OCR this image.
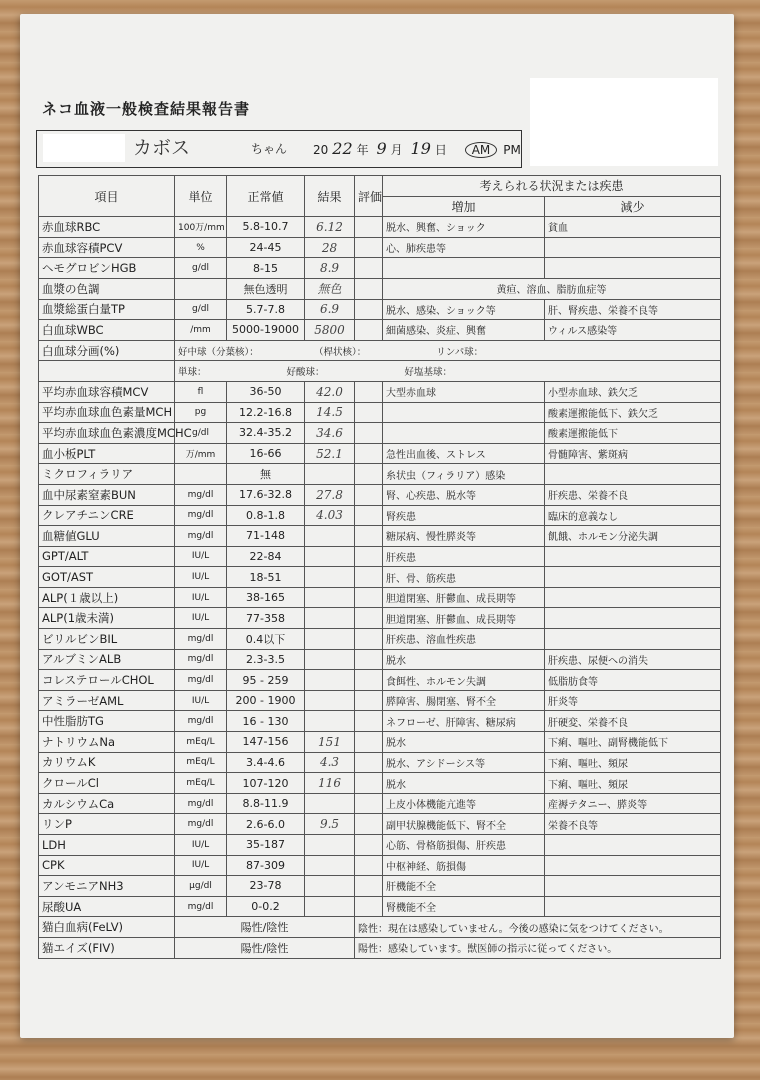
ネコ血液一般検査結果報告書
カボス	ちゃん 20 22 年 9 月 19 日 AM PM
項目	単位	正常値	結果	評価	考えられる状況または疾患	
					増加	減少
赤血球RBC	100万/mm	5.8-10.7	6.12		脱水、興奮、ショック	貧血
赤血球容積PCV	%	24-45	28		心、肺疾患等	
ヘモグロビンHGB	g/dl	8-15	8.9			
血漿の色調		無色透明	無色		黄疸、溶血、脂肪血症等	
血漿総蛋白量TP	g/dl	5.7-7.8	6.9		脱水、感染、ショック等	肝、腎疾患、栄養不良等
白血球WBC	/mm	5000-19000	5800		細菌感染、炎症、興奮	ウィルス感染等
白血球分画(%)	好中球（分葉核）： （桿状核）： リンパ球：					
	単球： 好酸球： 好塩基球：					
平均赤血球容積MCV	fl	36-50	42.0		大型赤血球	小型赤血球、鉄欠乏
平均赤血球血色素量MCH	pg	12.2-16.8	14.5			酸素運搬能低下、鉄欠乏
平均赤血球血色素濃度MCHC	g/dl	32.4-35.2	34.6			酸素運搬能低下
血小板PLT	万/mm	16-66	52.1		急性出血後、ストレス	骨髄障害、紫斑病
ミクロフィラリア		無			糸状虫（フィラリア）感染	
血中尿素窒素BUN	mg/dl	17.6-32.8	27.8		腎、心疾患、脱水等	肝疾患、栄養不良
クレアチニンCRE	mg/dl	0.8-1.8	4.03		腎疾患	臨床的意義なし
血糖値GLU	mg/dl	71-148			糖尿病、慢性膵炎等	飢餓、ホルモン分泌失調
GPT/ALT	IU/L	22-84			肝疾患	
GOT/AST	IU/L	18-51			肝、骨、筋疾患	
ALP(１歳以上)	IU/L	38-165			胆道閉塞、肝鬱血、成長期等	
ALP(1歳未満)	IU/L	77-358			胆道閉塞、肝鬱血、成長期等	
ビリルビンBIL	mg/dl	0.4以下			肝疾患、溶血性疾患	
アルブミンALB	mg/dl	2.3-3.5			脱水	肝疾患、尿便への消失
コレステロールCHOL	mg/dl	95 - 259			食餌性、ホルモン失調	低脂肪食等
アミラーゼAML	IU/L	200 - 1900			膵障害、腸閉塞、腎不全	肝炎等
中性脂肪TG	mg/dl	16 - 130			ネフローゼ、肝障害、糖尿病	肝硬変、栄養不良
ナトリウムNa	mEq/L	147-156	151		脱水	下痢、嘔吐、副腎機能低下
カリウムK	mEq/L	3.4-4.6	4.3		脱水、アシドーシス等	下痢、嘔吐、頻尿
クロールCl	mEq/L	107-120	116		脱水	下痢、嘔吐、頻尿
カルシウムCa	mg/dl	8.8-11.9			上皮小体機能亢進等	産褥テタニー、膵炎等
リンP	mg/dl	2.6-6.0	9.5		副甲状腺機能低下、腎不全	栄養不良等
LDH	IU/L	35-187			心筋、骨格筋損傷、肝疾患	
CPK	IU/L	87-309			中枢神経、筋損傷	
アンモニアNH3	μg/dl	23-78			肝機能不全	
尿酸UA	mg/dl	0-0.2			腎機能不全	
猫白血病(FeLV)	陽性/陰性			陰性：現在は感染していません。今後の感染に気をつけてください。		
猫エイズ(FIV)	陽性/陰性			陽性：感染しています。獣医師の指示に従ってください。		
